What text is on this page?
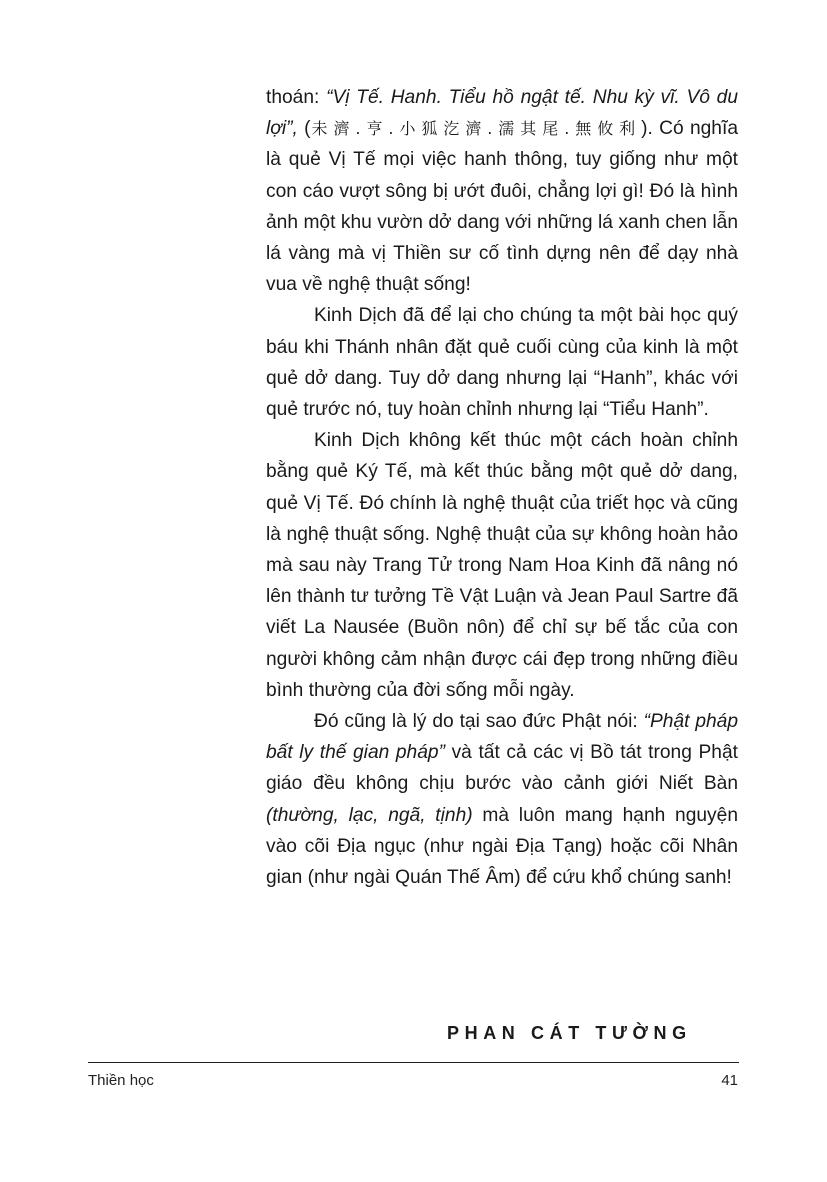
thoán: “Vị Tế. Hanh. Tiểu hồ ngật tế. Nhu kỳ vĩ. Vô du lợi”, (未濟.亨.小狐汔濟.濡其尾.無攸利). Có nghĩa là quẻ Vị Tế mọi việc hanh thông, tuy giống như một con cáo vượt sông bị ướt đuôi, chẳng lợi gì! Đó là hình ảnh một khu vườn dở dang với những lá xanh chen lẫn lá vàng mà vị Thiền sư cố tình dựng nên để dạy nhà vua về nghệ thuật sống!

Kinh Dịch đã để lại cho chúng ta một bài học quý báu khi Thánh nhân đặt quẻ cuối cùng của kinh là một quẻ dở dang. Tuy dở dang nhưng lại “Hanh”, khác với quẻ trước nó, tuy hoàn chỉnh nhưng lại “Tiểu Hanh”.

Kinh Dịch không kết thúc một cách hoàn chỉnh bằng quẻ Ký Tế, mà kết thúc bằng một quẻ dở dang, quẻ Vị Tế. Đó chính là nghệ thuật của triết học và cũng là nghệ thuật sống. Nghệ thuật của sự không hoàn hảo mà sau này Trang Tử trong Nam Hoa Kinh đã nâng nó lên thành tư tưởng Tề Vật Luận và Jean Paul Sartre đã viết La Nausée (Buồn nôn) để chỉ sự bế tắc của con người không cảm nhận được cái đẹp trong những điều bình thường của đời sống mỗi ngày.

Đó cũng là lý do tại sao đức Phật nói: “Phật pháp bất ly thế gian pháp” và tất cả các vị Bồ tát trong Phật giáo đều không chịu bước vào cảnh giới Niết Bàn (thường, lạc, ngã, tịnh) mà luôn mang hạnh nguyện vào cõi Địa ngục (như ngài Địa Tạng) hoặc cõi Nhân gian (như ngài Quán Thế Âm) để cứu khổ chúng sanh!

PHAN CÁT TƯỜNG
Thiền học	41
